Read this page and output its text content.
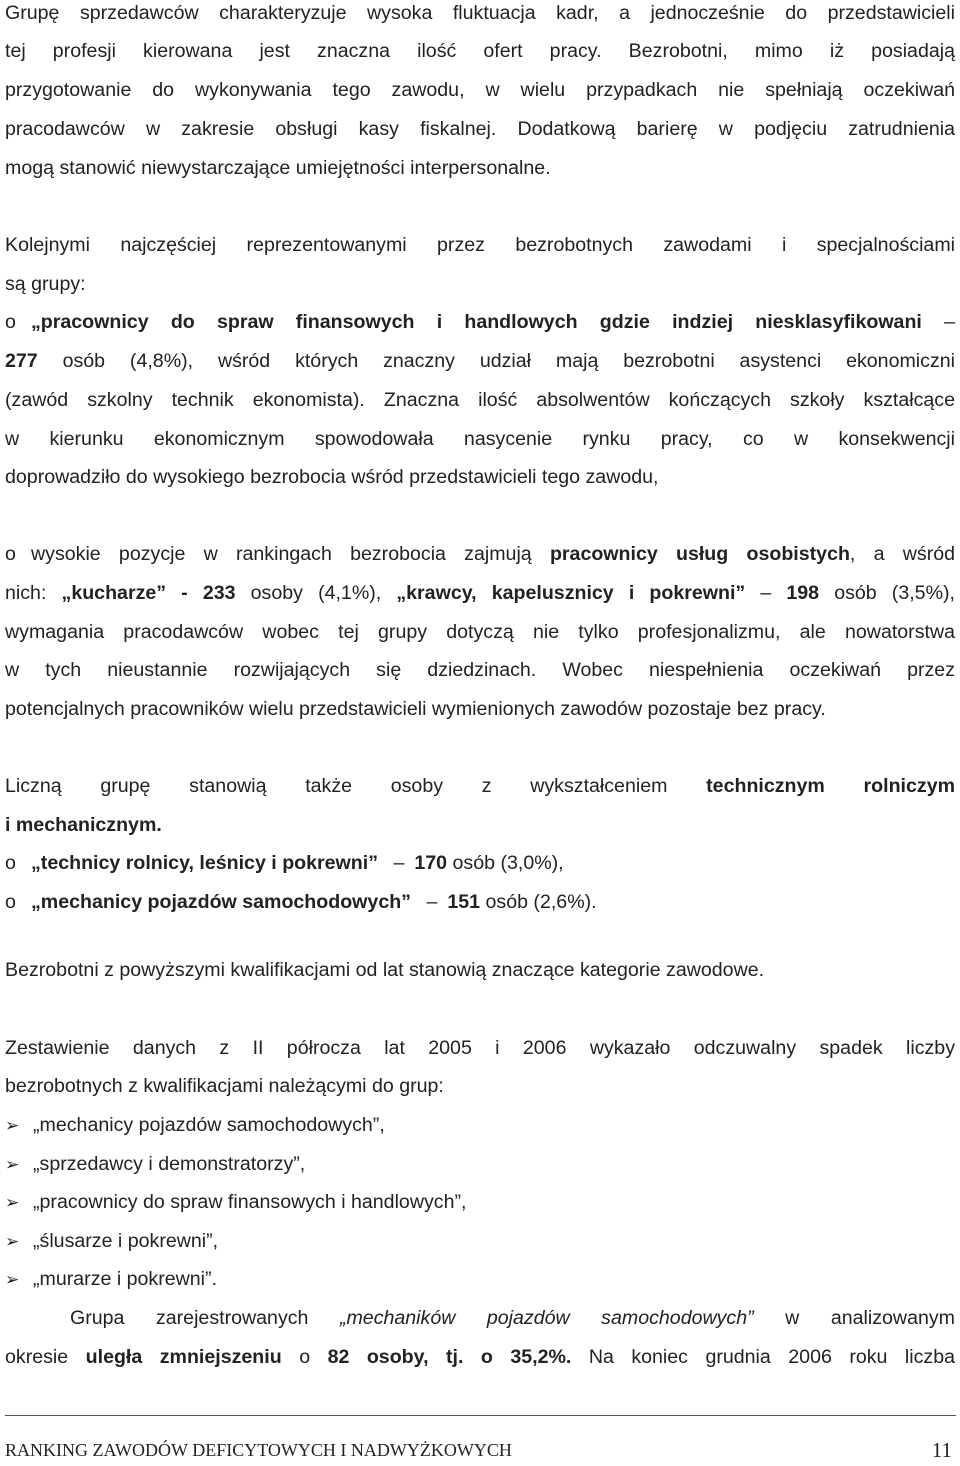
Grupę sprzedawców charakteryzuje wysoka fluktuacja kadr, a jednocześnie do przedstawicieli
tej profesji kierowana jest znaczna ilość ofert pracy. Bezrobotni, mimo iż posiadają
przygotowanie do wykonywania tego zawodu, w wielu przypadkach nie spełniają oczekiwań
pracodawców w zakresie obsługi kasy fiskalnej. Dodatkową barierę w podjęciu zatrudnienia
mogą stanowić niewystarczające umiejętności interpersonalne.
Kolejnymi najczęściej reprezentowanymi przez bezrobotnych zawodami i specjalnościami
są grupy:
o „pracownicy do spraw finansowych i handlowych gdzie indziej niesklasyfikowani –
277 osób (4,8%), wśród których znaczny udział mają bezrobotni asystenci ekonomiczni
(zawód szkolny technik ekonomista). Znaczna ilość absolwentów kończących szkoły kształcące
w kierunku ekonomicznym spowodowała nasycenie rynku pracy, co w konsekwencji
doprowadziło do wysokiego bezrobocia wśród przedstawicieli tego zawodu,
o wysokie pozycje w rankingach bezrobocia zajmują pracownicy usług osobistych, a wśród
nich: „kucharze” - 233 osoby (4,1%), „krawcy, kapelusznicy i pokrewni” – 198 osób (3,5%),
wymagania pracodawców wobec tej grupy dotyczą nie tylko profesjonalizmu, ale nowatorstwa
w tych nieustannie rozwijających się dziedzinach. Wobec niespełnienia oczekiwań przez
potencjalnych pracowników wielu przedstawicieli wymienionych zawodów pozostaje bez pracy.
Liczną grupę stanowią także osoby z wykształceniem technicznym rolniczym
i mechanicznym.
o „technicy rolnicy, leśnicy i pokrewni” – 170 osób (3,0%),
o „mechanicy pojazdów samochodowych” – 151 osób (2,6%).
Bezrobotni z powyższymi kwalifikacjami od lat stanowią znaczące kategorie zawodowe.
Zestawienie danych z II półrocza lat 2005 i 2006 wykazało odczuwalny spadek liczby
bezrobotnych z kwalifikacjami należącymi do grup:
➢ „mechanicy pojazdów samochodowych”,
➢ „sprzedawcy i demonstratorzy”,
➢ „pracownicy do spraw finansowych i handlowych”,
➢ „ślusarze i pokrewni”,
➢ „murarze i pokrewni”.
Grupa zarejestrowanych „mechaników pojazdów samochodowych” w analizowanym
okresie uległa zmniejszeniu o 82 osoby, tj. o 35,2%. Na koniec grudnia 2006 roku liczba
RANKING ZAWODÓW DEFICYTOWYCH I NADWYŻKOWYCH	11
